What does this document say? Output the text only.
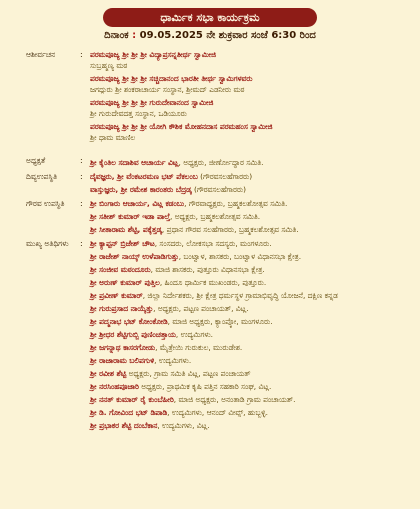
ಧಾರ್ಮಿಕ ಸಭಾ ಕಾರ್ಯಕ್ರಮ
ದಿನಾಂಕ : 09.05.2025 ನೇ ಶುಕ್ರವಾರ ಸಂಜೆ 6:30 ರಿಂದ
ಆಶೀರ್ವಚನ	: ಪರಮಪೂಜ್ಯ ಶ್ರೀ ಶ್ರೀ ಶ್ರೀ ವಿದ್ಯಾಪ್ರಸನ್ನತೀರ್ಥ ಸ್ವಾಮೀಜಿ
ಸುಬ್ರಹ್ಮಣ್ಯ ಮಠ
ಪರಮಪೂಜ್ಯ ಶ್ರೀ ಶ್ರೀ ಶ್ರೀ ಸಚ್ಚಿದಾನಂದ ಭಾರತೀ ತೀರ್ಥ ಸ್ವಾಮಿಗಳವರು
ಜಗದ್ಗುರು ಶ್ರೀ ಶಂಕರಾಚಾರ್ಯ ಸಂಸ್ಥಾನ, ಶ್ರೀಮದ್ ಎಡನೀರು ಮಠ
ಪರಮಪೂಜ್ಯ ಶ್ರೀ ಶ್ರೀ ಶ್ರೀ ಗುರುದೇವಾನಂದ ಸ್ವಾಮೀಜಿ
ಶ್ರೀ ಗುರುದೇವದತ್ತ ಸಂಸ್ಥಾನ, ಒಡಿಯೂರು
ಪರಮಪೂಜ್ಯ ಶ್ರೀ ಶ್ರೀ ಶ್ರೀ ಯೋಗಿ ಕೌಶಿಕ ಮೋಹನದಾಸ ಪರಮಹಂಸ ಸ್ವಾಮೀಜಿ
ಶ್ರೀ ಧಾಮ ಮಾಣಿಲ
ಅಧ್ಯಕ್ಷತೆ	: ಶ್ರೀ ಕೈಂತಿಲ ಸದಾಶಿವ ಆಚಾರ್ಯ ವಿಟ್ಲ, ಅಧ್ಯಕ್ಷರು, ಜೀರ್ಣೋದ್ಧಾರ ಸಮಿತಿ.
ದಿವ್ಯಉಪಸ್ಥಿತಿ	: ದೈವಜ್ಞರು, ಶ್ರೀ ವೆಂಕಟರಮಣ ಭಟ್ ಪೆಕಲಂಬ (ಗೌರವಸಲಹೆಗಾರರು)
ವಾಸ್ತುಜ್ಞರು, ಶ್ರೀ ರಮೇಶ ಕಾರಂತರು ಬೆದ್ರಡ್ಕ (ಗೌರವಸಲಹೆಗಾರರು)
ಗೌರವ ಉಪಸ್ಥಿತಿ	: ಶ್ರೀ ಬಿಂಗಾರು ಆಚಾರ್ಯ, ವಿಟ್ಲ ಕಡಂಬು, ಗೌರವಾಧ್ಯಕ್ಷರು, ಬ್ರಹ್ಮಕಲಶೋತ್ಸವ ಸಮಿತಿ.
ಶ್ರೀ ಸತೀಶ್ ಕುಮಾರ್ ಇಡಾ ಪಾಲ್ತೆ, ಅಧ್ಯಕ್ಷರು, ಬ್ರಹ್ಮಕಲಶೋತ್ಸವ ಸಮಿತಿ.
ಶ್ರೀ ಸೀತಾರಾಮ ಶೆಟ್ಟಿ, ಪಕ್ಕೆತ್ತಡ್ಕ, ಪ್ರಧಾನ ಗೌರವ ಸಲಹೆಗಾರರು, ಬ್ರಹ್ಮಕಲಶೋತ್ಸವ ಸಮಿತಿ.
ಮುಖ್ಯ ಅತಿಥಿಗಳು	: ಶ್ರೀ ಕ್ಯಾಪ್ಟನ್ ಬ್ರಿಜೇಶ್ ಚೌಟ, ಸಂಸದರು, ಲೋಕಸಭಾ ಸದಸ್ಯರು, ಮಂಗಳೂರು.
ಶ್ರೀ ರಾಜೇಶ್ ನಾಯ್ಕ್ ಉಳೆಪಾಡಿಗುತ್ತು, ಬಂಟ್ವಾಳ, ಶಾಸಕರು, ಬಂಟ್ವಾಳ ವಿಧಾನಸಭಾ ಕ್ಷೇತ್ರ.
ಶ್ರೀ ಸಂಜೀವ ಮಠಂದೂರು, ಮಾಜಿ ಶಾಸಕರು, ಪುತ್ತೂರು ವಿಧಾನಸಭಾ ಕ್ಷೇತ್ರ.
ಶ್ರೀ ಅರುಣ್ ಕುಮಾರ್ ಪುತ್ತಿಲ, ಹಿಂದೂ ಧಾರ್ಮಿಕ ಮುಖಂಡರು, ಪುತ್ತೂರು.
ಶ್ರೀ ಪ್ರವೀಣ್ ಕುಮಾರ್, ಜಿಲ್ಲಾ ನಿರ್ದೇಶಕರು, ಶ್ರೀ ಕ್ಷೇತ್ರ ಧರ್ಮಸ್ಥಳ ಗ್ರಾಮಾಭಿವೃದ್ಧಿ ಯೋಜನೆ, ದಕ್ಷಿಣ ಕನ್ನಡ
ಶ್ರೀ ಗುರುಪ್ರಸಾದ ನಾಯ್ಕೆತ್ತು, ಅಧ್ಯಕ್ಷರು, ಪಟ್ಟಣ ಪಂಚಾಯತ್, ವಿಟ್ಲ.
ಶ್ರೀ ಪದ್ಮನಾಭ ಭಟ್ ಕೋಂಕೋಡಿ, ಮಾಜಿ ಅಧ್ಯಕ್ಷರು, ಕ್ಯಾಂಪ್ಕೋ, ಮಂಗಳೂರು.
ಶ್ರೀ ಶ್ರೀಧರ ಶೆಟ್ಟಿಗುಬ್ಬಿ ಪುಣಿಂಚತ್ತಾಯ, ಉದ್ಯಮಿಗಳು.
ಶ್ರೀ ಜಗನ್ನಾಥ ಕಾಸರಗೋಡು, ಮೈತ್ರೇಯಿ ಗುರುಕುಲ, ಮುರುಡೇಶ.
ಶ್ರೀ ರಾಜಾರಾಮ ಬಲಿಪಗುಳಿ, ಉದ್ಯಮಿಗಳು.
ಶ್ರೀ ರವೀಶ ಶೆಟ್ಟಿ ಅಧ್ಯಕ್ಷರು, ಗ್ರಾಮ ಸಮಿತಿ ವಿಟ್ಲ, ಪಟ್ಟಣ ಪಂಚಾಯತ್
ಶ್ರೀ ನರಸಿಂಹಪೂಜಾರಿ ಅಧ್ಯಕ್ಷರು, ಪ್ರಾಥಮಿಕ ಕೃಷಿ ಪತ್ತಿನ ಸಹಕಾರಿ ಸಂಘ, ವಿಟ್ಲ.
ಶ್ರೀ ನನತ್ ಕುಮಾರ್ ರೈ ಕುಂಬೆಹೀರಿ, ಮಾಜಿ ಅಧ್ಯಕ್ಷರು, ಅನಂತಾಡಿ ಗ್ರಾಮ ಪಂಚಾಯತ್.
ಶ್ರೀ ಡಿ. ಗೋವಿಂದ ಭಟ್ ಡಿಪಾಡಿ, ಉದ್ಯಮಿಗಳು, ಆನಂದ್ ವೀವ್ಸ್, ಹುಬ್ಬಳ್ಳಿ.
ಶ್ರೀ ಪ್ರಭಾಕರ ಶೆಟ್ಟಿ ದಂಬೆಕಾನ, ಉದ್ಯಮಿಗಳು, ವಿಟ್ಲ.
